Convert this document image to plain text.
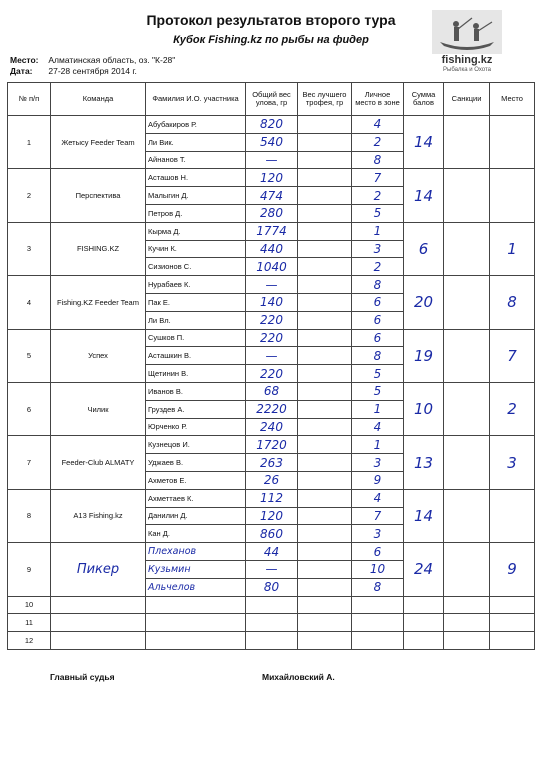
Протокол результатов второго тура
Кубок Fishing.kz по рыбы на фидер
Место: Алматинская область, оз. "К-28"
Дата: 27-28 сентября 2014 г.
fishing.kz
Рыбалка и Охота
№ п/п	Команда	Фамилия И.О. участника	Общий вес улова, гр	Вес лучшего трофея, гр	Личное место в зоне	Сумма балов	Санкции	Место
1	Жетысу Feeder Team	Абубакиров Р.	820		4	14		
		Ли Вик.	540		2			
		Айнанов Т.	—		8			
2	Перспектива	Асташов Н.	120		7	14		
		Малыгин Д.	474		2			
		Петров Д.	280		5			
3	FISHING.KZ	Кырма Д.	1774		1	6		1
		Кучин К.	440		3			
		Сизионов С.	1040		2			
4	Fishing.KZ Feeder Team	Нурабаев К.	—		8	20		8
		Пак Е.	140		6			
		Ли Вл.	220		6			
5	Успех	Сушков П.	220		6	19		7
		Асташкин В.	—		8			
		Щетинин В.	220		5			
6	Чилик	Иванов В.	68		5	10		2
		Груздев А.	2220		1			
		Юрченко Р.	240		4			
7	Feeder-Club ALMATY	Кузнецов И.	1720		1	13		3
		Уджаев В.	263		3			
		Ахметов Е.	26		9			
8	А13 Fishing.kz	Ахметтаев К.	112		4	14		
		Данилин Д.	120		7			
		Кан Д.	860		3			
9	Пикер	Плеханов	44		6	24		9
		Кузьмин	—		10			
		Альчелов	80		8			
10								
11								
12								
Главный судья	Михайловский А.
